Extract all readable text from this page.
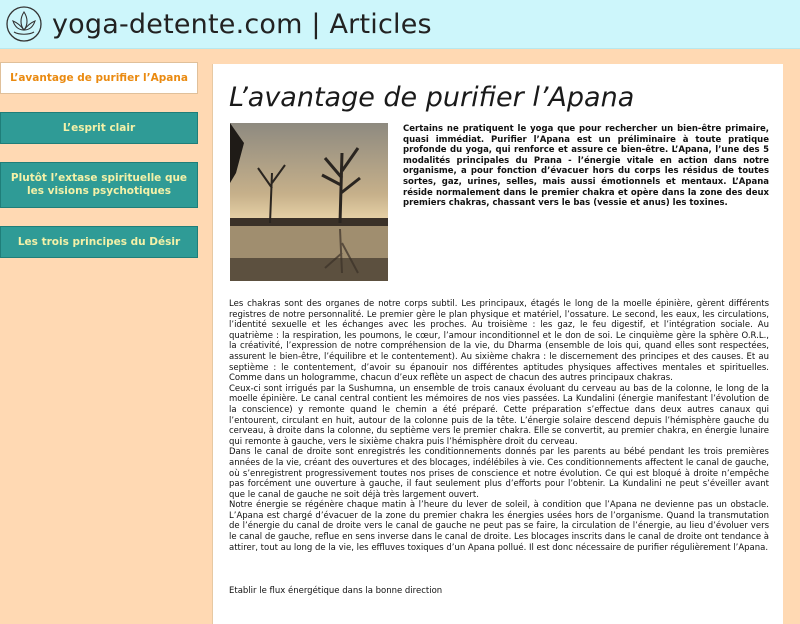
yoga-detente.com | Articles
L’avantage de purifier l’Apana
L’esprit clair
Plutôt l’extase spirituelle que les visions psychotiques
Les trois principes du Désir
L’avantage de purifier l’Apana
Certains ne pratiquent le yoga que pour rechercher un bien-être primaire, quasi immédiat. Purifier l’Apana est un préliminaire à toute pratique profonde du yoga, qui renforce et assure ce bien-être. L’Apana, l’une des 5 modalités principales du Prana - l’énergie vitale en action dans notre organisme, a pour fonction d’évacuer hors du corps les résidus de toutes sortes, gaz, urines, selles, mais aussi émotionnels et mentaux. L’Apana réside normalement dans le premier chakra et opère dans la zone des deux premiers chakras, chassant vers le bas (vessie et anus) les toxines.

Les chakras sont des organes de notre corps subtil. Les principaux, étagés le long de la moelle épinière, gèrent différents registres de notre personnalité. Le premier gère le plan physique et matériel, l’ossature. Le second, les eaux, les circulations, l’identité sexuelle et les échanges avec les proches. Au troisième : les gaz, le feu digestif, et l’intégration sociale. Au quatrième : la respiration, les poumons, le cœur, l’amour inconditionnel et le don de soi. Le cinquième gère la sphère O.R.L., la créativité, l’expression de notre compréhension de la vie, du Dharma (ensemble de lois qui, quand elles sont respectées, assurent le bien-être, l’équilibre et le contentement). Au sixième chakra : le discernement des principes et des causes. Et au septième : le contentement, d’avoir su épanouir nos différentes aptitudes physiques affectives mentales et spirituelles. Comme dans un hologramme, chacun d’eux reflète un aspect de chacun des autres principaux chakras.

Ceux-ci sont irrigués par la Sushumna, un ensemble de trois canaux évoluant du cerveau au bas de la colonne, le long de la moelle épinière. Le canal central contient les mémoires de nos vies passées. La Kundalini (énergie manifestant l’évolution de la conscience) y remonte quand le chemin a été préparé. Cette préparation s’effectue dans deux autres canaux qui l’entourent, circulant en huit, autour de la colonne puis de la tête. L’énergie solaire descend depuis l’hémisphère gauche du cerveau, à droite dans la colonne, du septième vers le premier chakra. Elle se convertit, au premier chakra, en énergie lunaire qui remonte à gauche, vers le sixième chakra puis l’hémisphère droit du cerveau.

Dans le canal de droite sont enregistrés les conditionnements donnés par les parents au bébé pendant les trois premières années de la vie, créant des ouvertures et des blocages, indélébiles à vie. Ces conditionnements affectent le canal de gauche, où s’enregistrent progressivement toutes nos prises de conscience et notre évolution. Ce qui est bloqué à droite n’empêche pas forcément une ouverture à gauche, il faut seulement plus d’efforts pour l’obtenir. La Kundalini ne peut s’éveiller avant que le canal de gauche ne soit déjà très largement ouvert.

Notre énergie se régénère chaque matin à l’heure du lever de soleil, à condition que l’Apana ne devienne pas un obstacle. L’Apana est chargé d’évacuer de la zone du premier chakra les énergies usées hors de l’organisme. Quand la transmutation de l’énergie du canal de droite vers le canal de gauche ne peut pas se faire, la circulation de l’énergie, au lieu d’évoluer vers le canal de gauche, reflue en sens inverse dans le canal de droite. Les blocages inscrits dans le canal de droite ont tendance à attirer, tout au long de la vie, les effluves toxiques d’un Apana pollué. Il est donc nécessaire de purifier régulièrement l’Apana.

Etablir le flux énergétique dans la bonne direction
